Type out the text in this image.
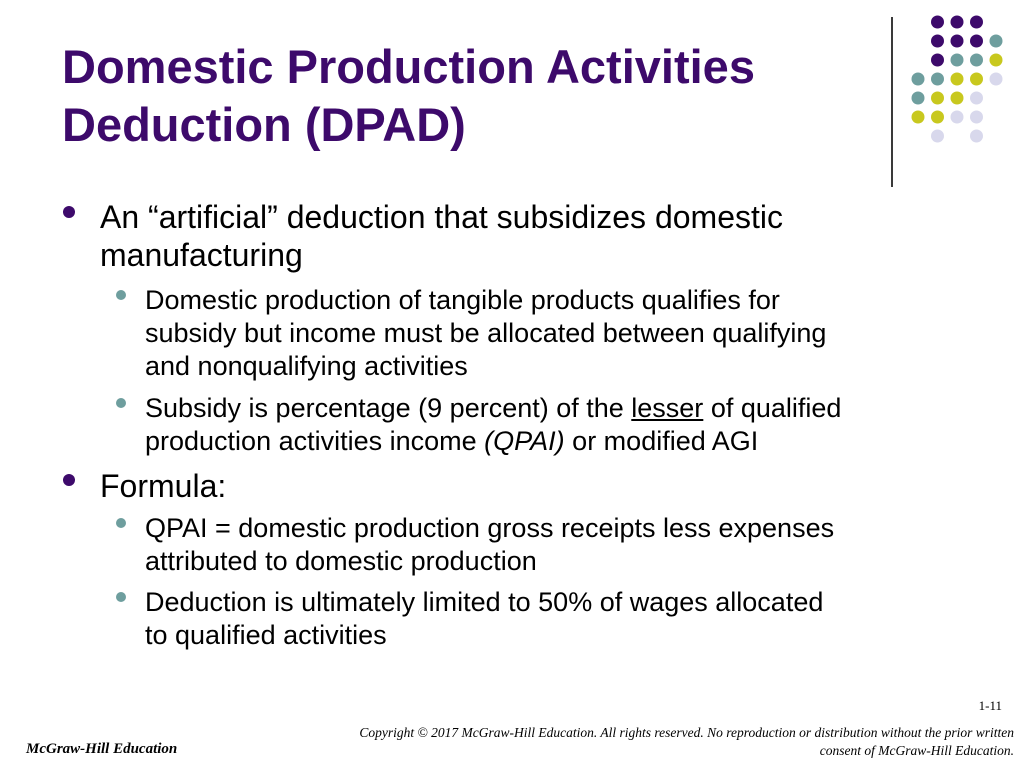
Domestic Production Activities
Deduction (DPAD)
An “artificial” deduction that subsidizes domestic
manufacturing
Domestic production of tangible products qualifies for
subsidy but income must be allocated between qualifying
and nonqualifying activities
Subsidy is percentage (9 percent) of the lesser of qualified
production activities income (QPAI) or modified AGI
Formula:
QPAI = domestic production gross receipts less expenses
attributed to domestic production
Deduction is ultimately limited to 50% of wages allocated
to qualified activities
1-11
Copyright © 2017 McGraw-Hill Education. All rights reserved. No reproduction or distribution without the prior written
consent of McGraw-Hill Education.
McGraw-Hill Education
